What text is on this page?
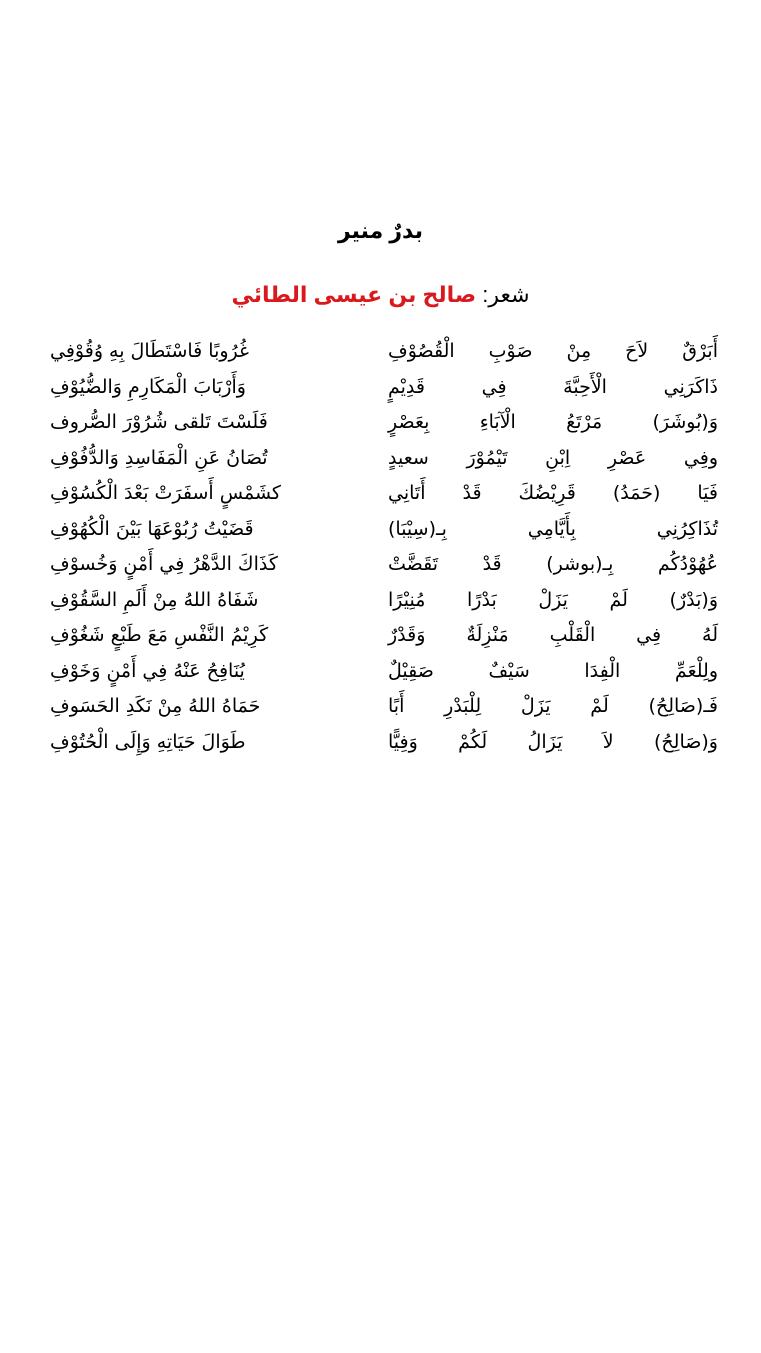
بدرٌ منير
شعر: صالح بن عيسى الطائي
أَبَرْقٌ لاَحَ مِنْ صَوْبِ الْقُصُوْفِ
غُرُوبًا فَاسْتَطَالَ بِهِ وُقُوْفِي
ذَاكَرَنِي الْأَحِبَّةَ فِي قَدِيْمٍ
وَأَرْبَابَ الْمَكَارِمِ وَالضُّيُوْفِ
وَ(بُوشَرَ) مَرْتَعُ الْآبَاءِ بِعَصْرٍ
فَلَسْتَ تَلقى شُرُوْرَ الصُّروف
وفِي عَصْرِ اِبْنِ تَيْمُوْرَ سعيدٍ
تُصَانُ عَنِ الْمَفَاسِدِ وَالدُّفُوْفِ
فَيَا (حَمَدُ) قَرِيْضُكَ قَدْ أَتَانِي
كشَمْسٍ أَسفَرَتْ بَعْدَ الْكُسُوْفِ
تُذَاكِرُنِي بِأَيَّامِي بِـ(سِيْبَا)
قَضَيْتُ رُبُوْعَهَا بَيْنَ الْكُهُوْفِ
عُهُوْدُكُم بِـ(بوشر) قَدْ تَقَضَّتْ
كَذَاكَ الدَّهْرُ فِي أَمْنٍ وَخُسوْفِ
وَ(بَدْرٌ) لَمْ يَزَلْ بَدْرًا مُنِيْرًا
شَفَاهُ اللهُ مِنْ أَلَمِ السَّقُوْفِ
لَهُ فِي الْقَلْبِ مَنْزِلَةٌ وَقَدْرٌ
كَرِيْمُ النَّفْسِ مَعَ طَبْعٍ شَغُوْفِ
ولِلْعَمِّ الْفِدَا سَيْفٌ صَقِيْلٌ
يُنَافِحُ عَنْهُ فِي أَمْنٍ وَخَوْفِ
فَـ(صَالِحُ) لَمْ يَزَلْ لِلْبَدْرِ أَبًا
حَمَاهُ اللهُ مِنْ نَكَدِ الحَسَوفِ
وَ(صَالِحُ) لاَ يَزَالُ لَكُمْ وَفِيًّا
طَوَالَ حَيَاتِهِ وَإِلَى الْحُتُوْفِ
